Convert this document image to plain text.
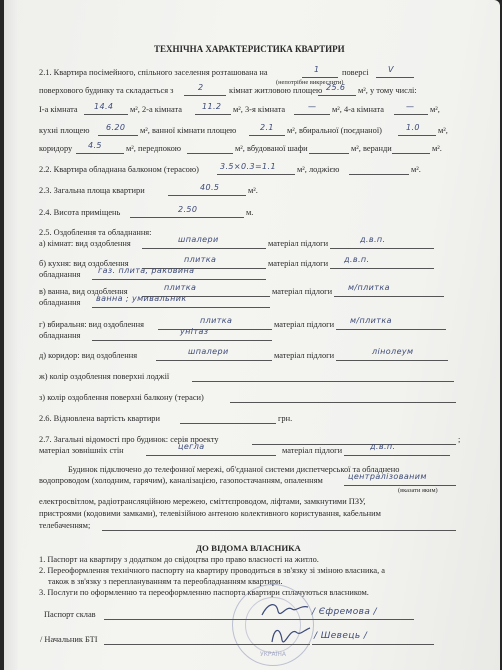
ТЕХНІЧНА ХАРАКТЕРИСТИКА КВАРТИРИ
2.1. Квартира посімейного, спільного заселення розташована на	1	поверсі V
(непотрібне викреслити)
поверхового будинку та складається з	2	кімнат житловою площею 25.6 м², у тому числі:
І-а кімната 14.4 м², 2-а кімната	11.2 м², 3-я кімната	— м², 4-а кімната	— м²,
кухні площею 6.20 м², ванної кімнати площею	2.1 м², вбиральної (поєднаної)	1.0 м²,
коридору 4.5	м², передпокою	м², вбудованої шафи	м², веранди	м².
2.2. Квартира обладнана балконом (терасою)	3.5×0.3=1.1	м², лоджією	м².
2.3. Загальна площа квартири	40.5	м².
2.4. Висота приміщень	2.50	м.
2.5. Оздоблення та обладнання:
а) кімнат: вид оздоблення	шпалери	матеріал підлоги	д.в.п.
б) кухня: вид оздоблення	плитка	матеріал підлоги д.в.п.
обладнання газ. плита, раковина
в) ванна, вид оздоблення	плитка	матеріал підлоги м/плитка
обладнання ванна ; умивальник
г) вбиральня: вид оздоблення	плитка	матеріал підлоги м/плитка
обладнання	унітаз
д) коридор: вид оздоблення	шпалери	матеріал підлоги	лінолеум
ж) колір оздоблення поверхні лоджії
з) колір оздоблення поверхні балкону (тераси)
2.6. Відновлена вартість квартири	грн.
2.7. Загальні відомості про будинок: серія проекту	;
матеріал зовнішніх стін	цегла	матеріал підлоги	д.в.п.
Будинок підключено до телефонної мережі, об'єднаної системи диспетчерської та обладнено
водопроводом (холодним, гарячим), каналізацією, газопостачанням, опаленням	централізованим
(вказати яким)
електросвітлом, радіотрансляційною мережею, сміттєпроводом, ліфтами, замкнутими ПЗУ,
пристроями (кодовими замками), телевізійною антеною колективного користування, кабельним
телебаченням;
ДО ВІДОМА ВЛАСНИКА
1. Паспорт на квартиру з додатком до свідоцтва про право власності на житло.
2. Переоформлення технічного паспорту на квартиру проводиться в зв'язку зі зміною власника, а
також в зв'язку з переплануванням та переобладнанням квартири.
3. Послуги по оформленню та переоформленню паспорта квартири сплачуються власником.
УКРАЇНА
Паспорт склав	/ Єфремова /
/ Начальник БТІ	/ Шевець /
